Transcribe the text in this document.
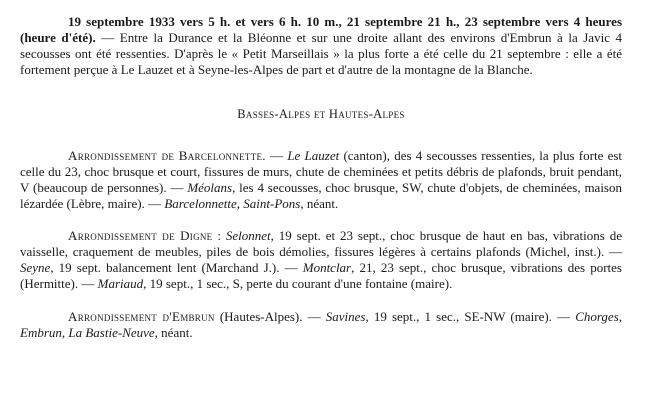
19 septembre 1933 vers 5 h. et vers 6 h. 10 m., 21 septembre 21 h., 23 septembre vers 4 heures (heure d'été). — Entre la Durance et la Bléonne et sur une droite allant des environs d'Embrun à la Javic 4 secousses ont été ressenties. D'après le « Petit Marseillais » la plus forte a été celle du 21 septembre : elle a été fortement perçue à Le Lauzet et à Seyne-les-Alpes de part et d'autre de la montagne de la Blanche.

Basses-Alpes et Hautes-Alpes

Arrondissement de Barcelonnette. — Le Lauzet (canton), des 4 secousses ressenties, la plus forte est celle du 23, choc brusque et court, fissures de murs, chute de cheminées et petits débris de plafonds, bruit pendant, V (beaucoup de personnes). — Méolans, les 4 secousses, choc brusque, SW, chute d'objets, de cheminées, maison lézardée (Lèbre, maire). — Barcelonnette, Saint-Pons, néant.

Arrondissement de Digne : Selonnet, 19 sept. et 23 sept., choc brusque de haut en bas, vibrations de vaisselle, craquement de meubles, piles de bois démolies, fissures légères à certains plafonds (Michel, inst.). — Seyne, 19 sept. balancement lent (Marchand J.). — Montclar, 21, 23 sept., choc brusque, vibrations des portes (Hermitte). — Mariaud, 19 sept., 1 sec., S, perte du courant d'une fontaine (maire).

Arrondissement d'Embrun (Hautes-Alpes). — Savines, 19 sept., 1 sec., SE-NW (maire). — Chorges, Embrun, La Bastie-Neuve, néant.
